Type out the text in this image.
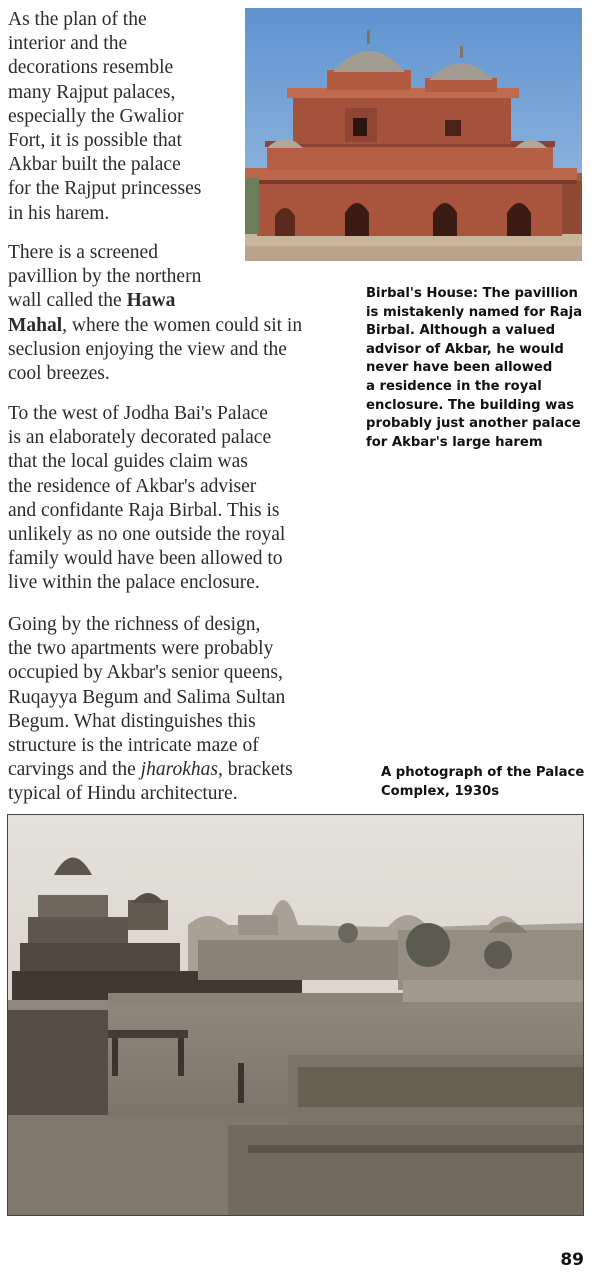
As the plan of the
interior and the
decorations resemble
many Rajput palaces,
especially the Gwalior
Fort, it is possible that
Akbar built the palace
for the Rajput princesses
in his harem.

There is a screened
pavillion by the northern
wall called the Hawa
Mahal, where the women could sit in
seclusion enjoying the view and the
cool breezes.

To the west of Jodha Bai's Palace
is an elaborately decorated palace
that the local guides claim was
the residence of Akbar's adviser
and confidante Raja Birbal. This is
unlikely as no one outside the royal
family would have been allowed to
live within the palace enclosure.

Going by the richness of design,
the two apartments were probably
occupied by Akbar's senior queens,
Ruqayya Begum and Salima Sultan
Begum. What distinguishes this
structure is the intricate maze of
carvings and the jharokhas, brackets
typical of Hindu architecture.

Birbal's House: The pavillion
is mistakenly named for Raja
Birbal. Although a valued
advisor of Akbar, he would
never have been allowed
a residence in the royal
enclosure. The building was
probably just another palace
for Akbar's large harem

A photograph of the Palace
Complex, 1930s

89
